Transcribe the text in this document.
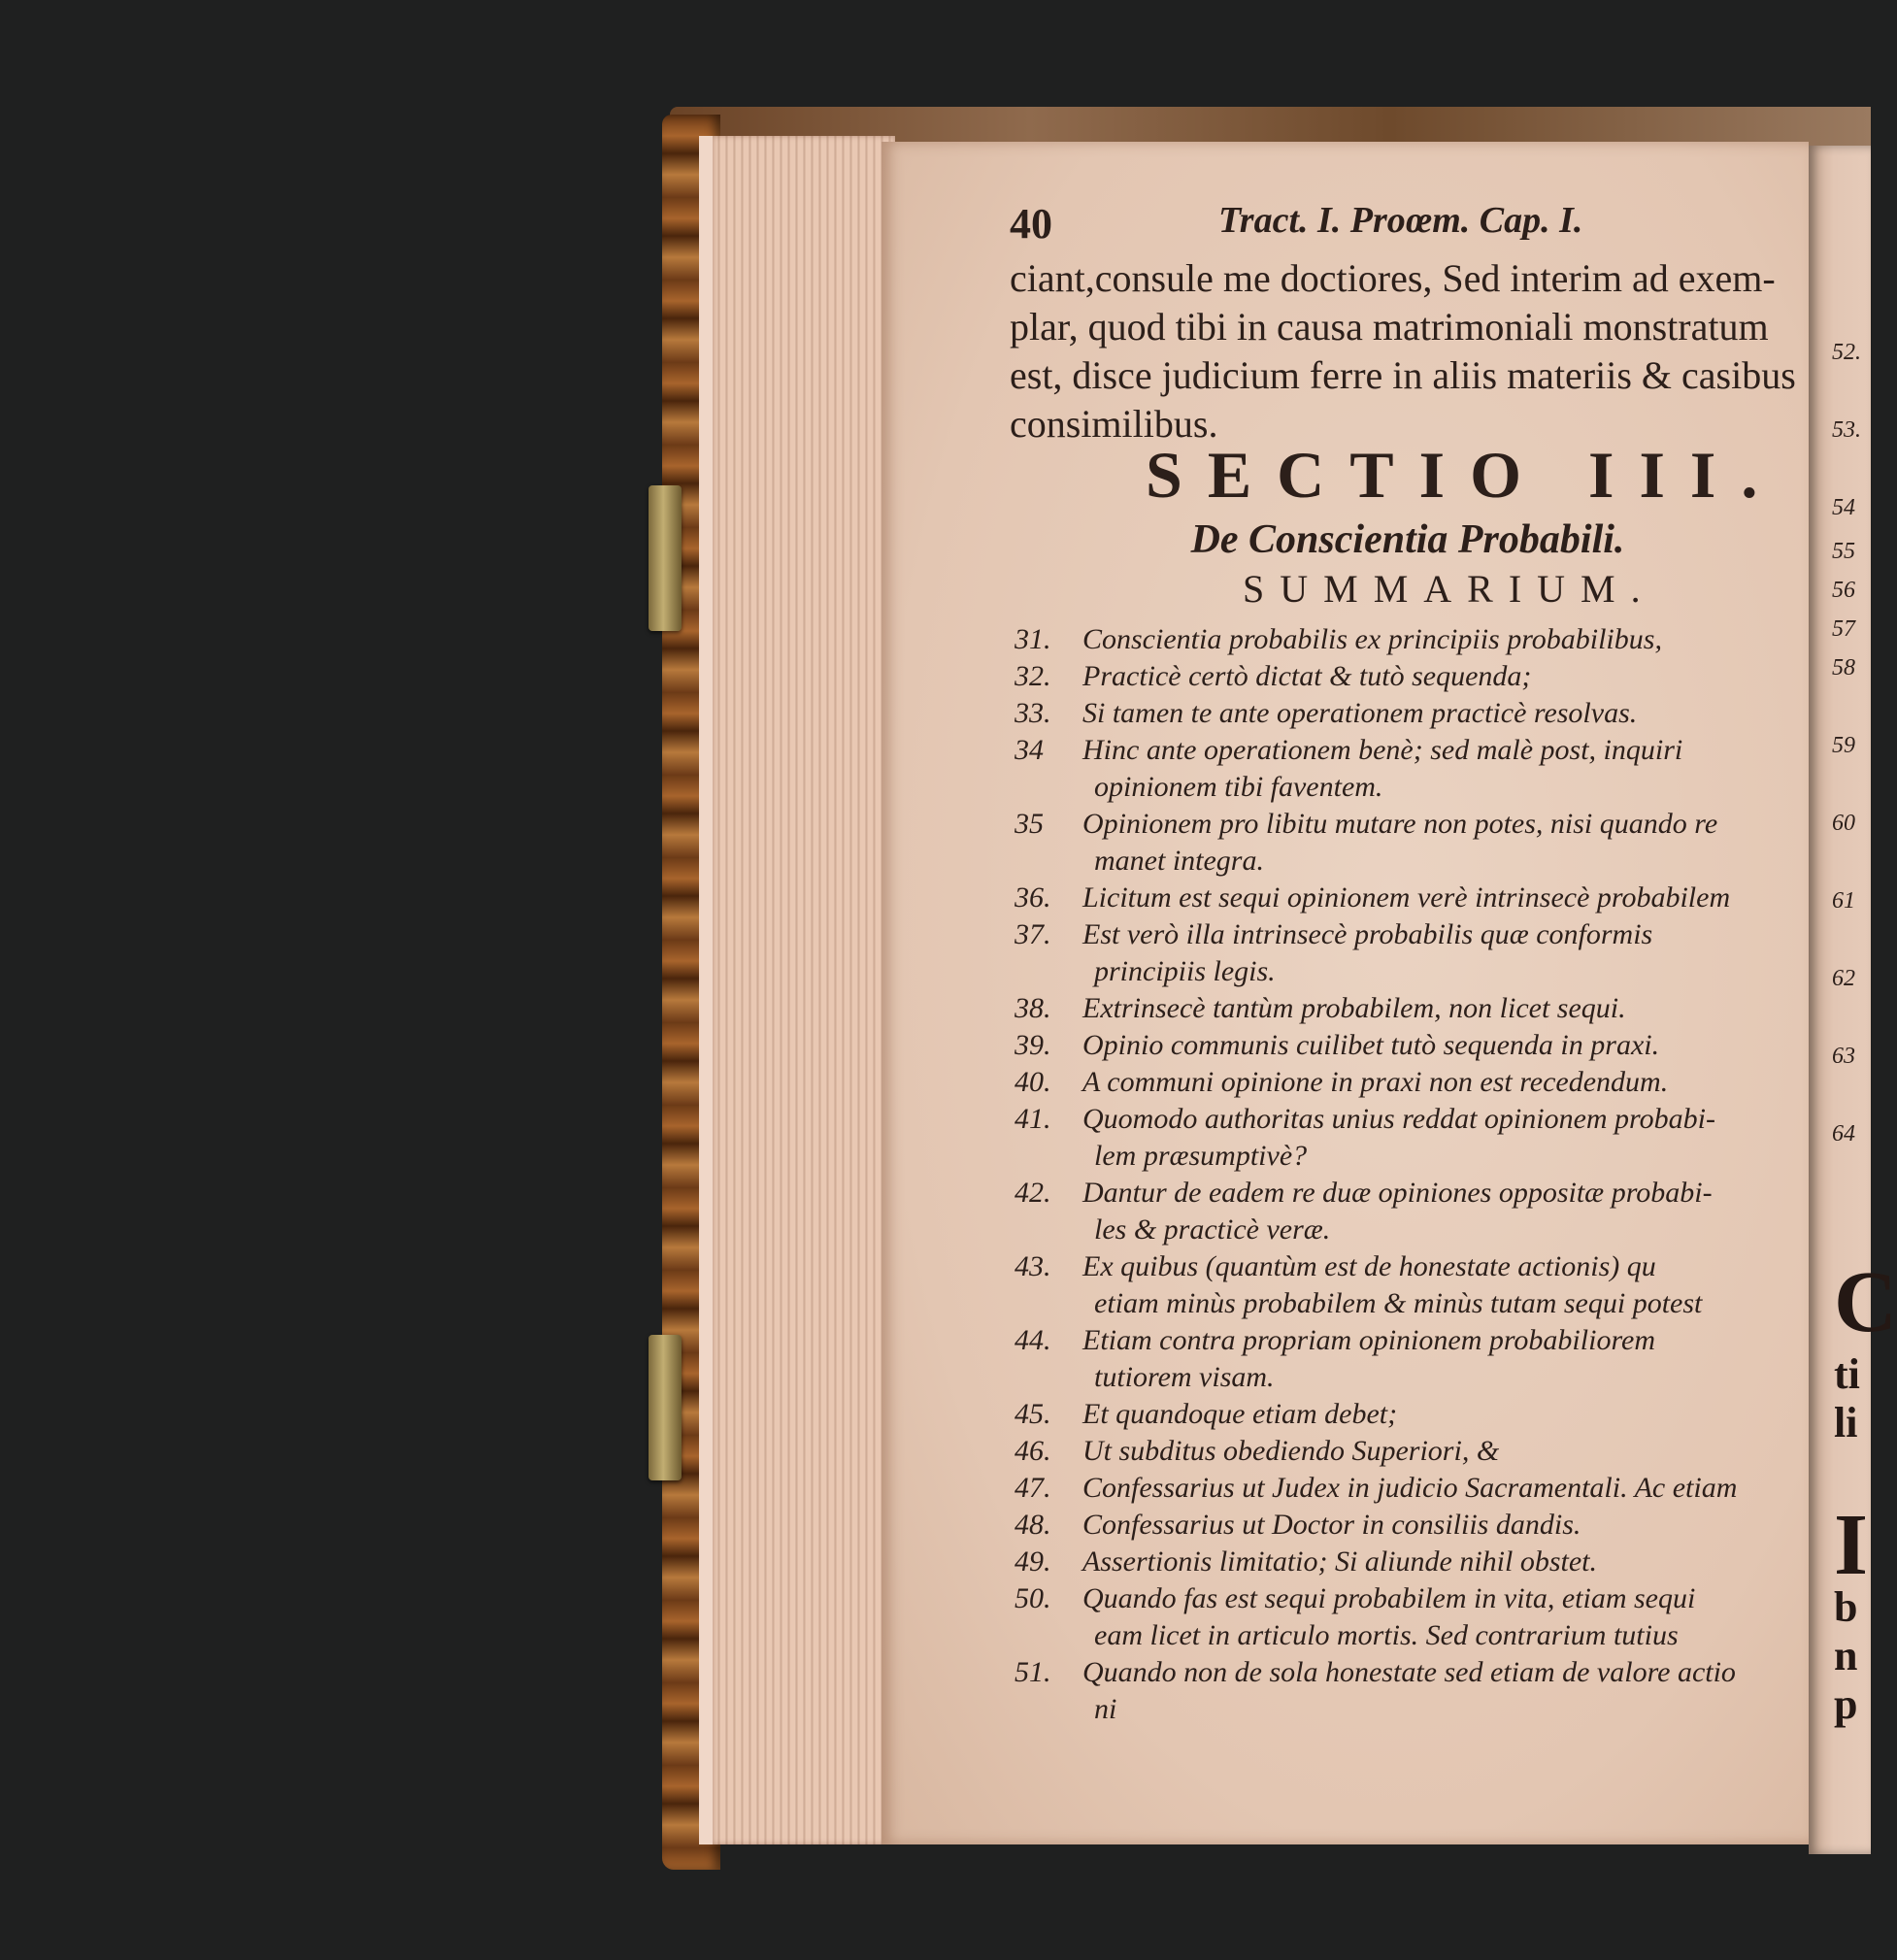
40	Tract. I. Proœm. Cap. I.
ciant,consule me doctiores, Sed interim ad exem-
plar, quod tibi in causa matrimoniali monstratum
est, disce judicium ferre in aliis materiis & casibus
consimilibus.
SECTIO III.
De Conscientia Probabili.
SUMMARIUM.
31. Conscientia probabilis ex principiis probabilibus,
32. Practicè certò dictat & tutò sequenda;
33. Si tamen te ante operationem practicè resolvas.
34 Hinc ante operationem benè; sed malè post, inquiri
opinionem tibi faventem.
35 Opinionem pro libitu mutare non potes, nisi quando re
manet integra.
36. Licitum est sequi opinionem verè intrinsecè probabilem
37. Est verò illa intrinsecè probabilis quæ conformis
principiis legis.
38. Extrinsecè tantùm probabilem, non licet sequi.
39. Opinio communis cuilibet tutò sequenda in praxi.
40. A communi opinione in praxi non est recedendum.
41. Quomodo authoritas unius reddat opinionem probabi-
lem præsumptivè?
42. Dantur de eadem re duæ opiniones oppositæ probabi-
les & practicè veræ.
43. Ex quibus (quantùm est de honestate actionis) qu
etiam minùs probabilem & minùs tutam sequi potest
44. Etiam contra propriam opinionem probabiliorem
tutiorem visam.
45. Et quandoque etiam debet;
46. Ut subditus obediendo Superiori, &
47. Confessarius ut Judex in judicio Sacramentali. Ac etiam
48. Confessarius ut Doctor in consiliis dandis.
49. Assertionis limitatio; Si aliunde nihil obstet.
50. Quando fas est sequi probabilem in vita, etiam sequi
eam licet in articulo mortis. Sed contrarium tutius
51. Quando non de sola honestate sed etiam de valore actio
ni
52.
53.
54
55
56
57
58
59
60
61
62
63
64
C
ti
li
I
b
n
p
